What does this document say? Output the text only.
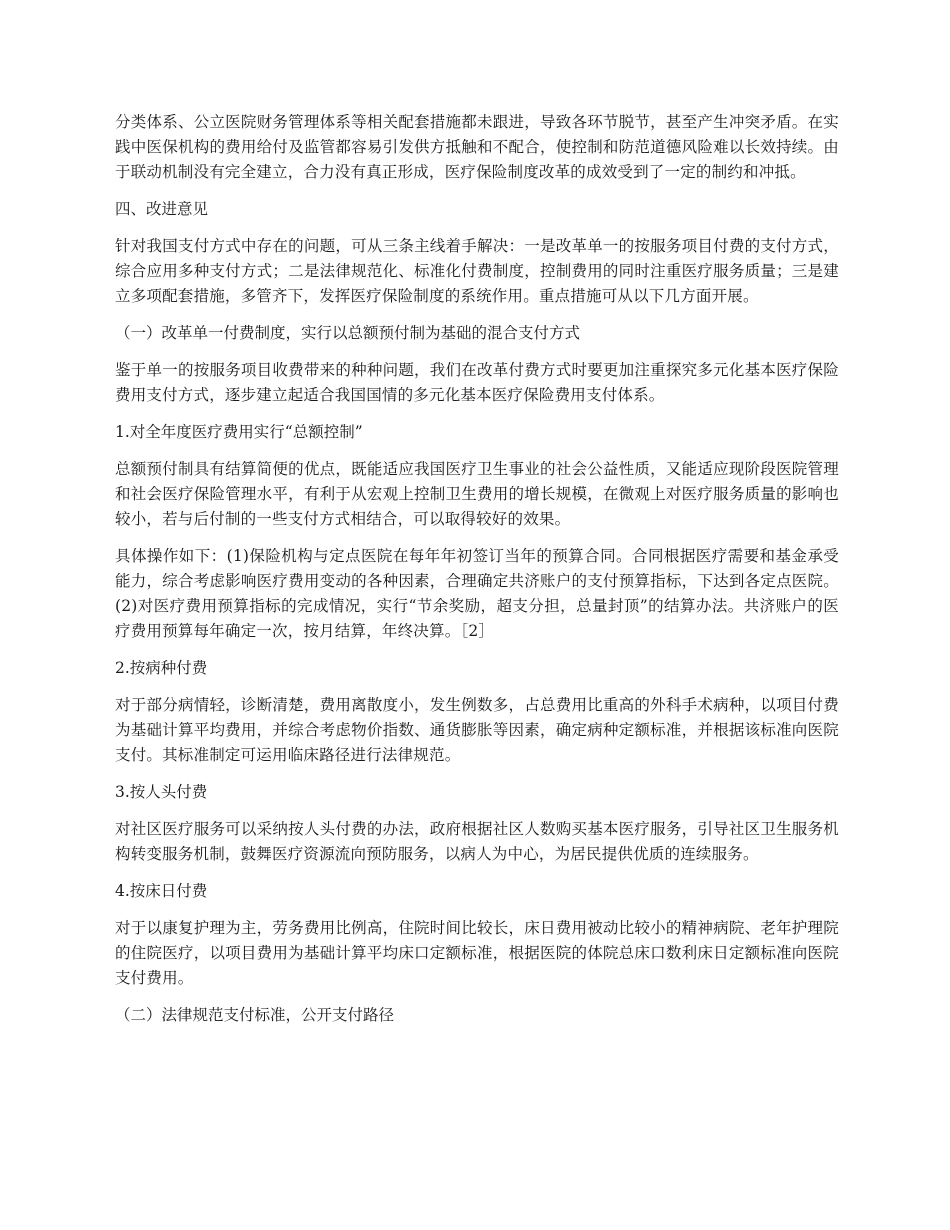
分类体系、公立医院财务管理体系等相关配套措施都未跟进，导致各环节脱节，甚至产生冲突矛盾。在实践中医保机构的费用给付及监管都容易引发供方抵触和不配合，使控制和防范道德风险难以长效持续。由于联动机制没有完全建立，合力没有真正形成，医疗保险制度改革的成效受到了一定的制约和冲抵。

四、改进意见

针对我国支付方式中存在的问题，可从三条主线着手解决：一是改革单一的按服务项目付费的支付方式，综合应用多种支付方式；二是法律规范化、标准化付费制度，控制费用的同时注重医疗服务质量；三是建立多项配套措施，多管齐下，发挥医疗保险制度的系统作用。重点措施可从以下几方面开展。

（一）改革单一付费制度，实行以总额预付制为基础的混合支付方式

鉴于单一的按服务项目收费带来的种种问题，我们在改革付费方式时要更加注重探究多元化基本医疗保险费用支付方式，逐步建立起适合我国国情的多元化基本医疗保险费用支付体系。

1.对全年度医疗费用实行“总额控制”

总额预付制具有结算简便的优点，既能适应我国医疗卫生事业的社会公益性质，又能适应现阶段医院管理和社会医疗保险管理水平，有利于从宏观上控制卫生费用的增长规模，在微观上对医疗服务质量的影响也较小，若与后付制的一些支付方式相结合，可以取得较好的效果。

具体操作如下：(1)保险机构与定点医院在每年年初签订当年的预算合同。合同根据医疗需要和基金承受能力，综合考虑影响医疗费用变动的各种因素，合理确定共济账户的支付预算指标，下达到各定点医院。(2)对医疗费用预算指标的完成情况，实行“节余奖励，超支分担，总量封顶”的结算办法。共济账户的医疗费用预算每年确定一次，按月结算，年终决算。［2］

2.按病种付费

对于部分病情轻，诊断清楚，费用离散度小，发生例数多，占总费用比重高的外科手术病种，以项目付费为基础计算平均费用，并综合考虑物价指数、通货膨胀等因素，确定病种定额标准，并根据该标准向医院支付。其标准制定可运用临床路径进行法律规范。

3.按人头付费

对社区医疗服务可以采纳按人头付费的办法，政府根据社区人数购买基本医疗服务，引导社区卫生服务机构转变服务机制，鼓舞医疗资源流向预防服务，以病人为中心，为居民提供优质的连续服务。

4.按床日付费

对于以康复护理为主，劳务费用比例高，住院时间比较长，床日费用被动比较小的精神病院、老年护理院的住院医疗，以项目费用为基础计算平均床口定额标准，根据医院的体院总床口数利床日定额标准向医院支付费用。

（二）法律规范支付标准，公开支付路径
